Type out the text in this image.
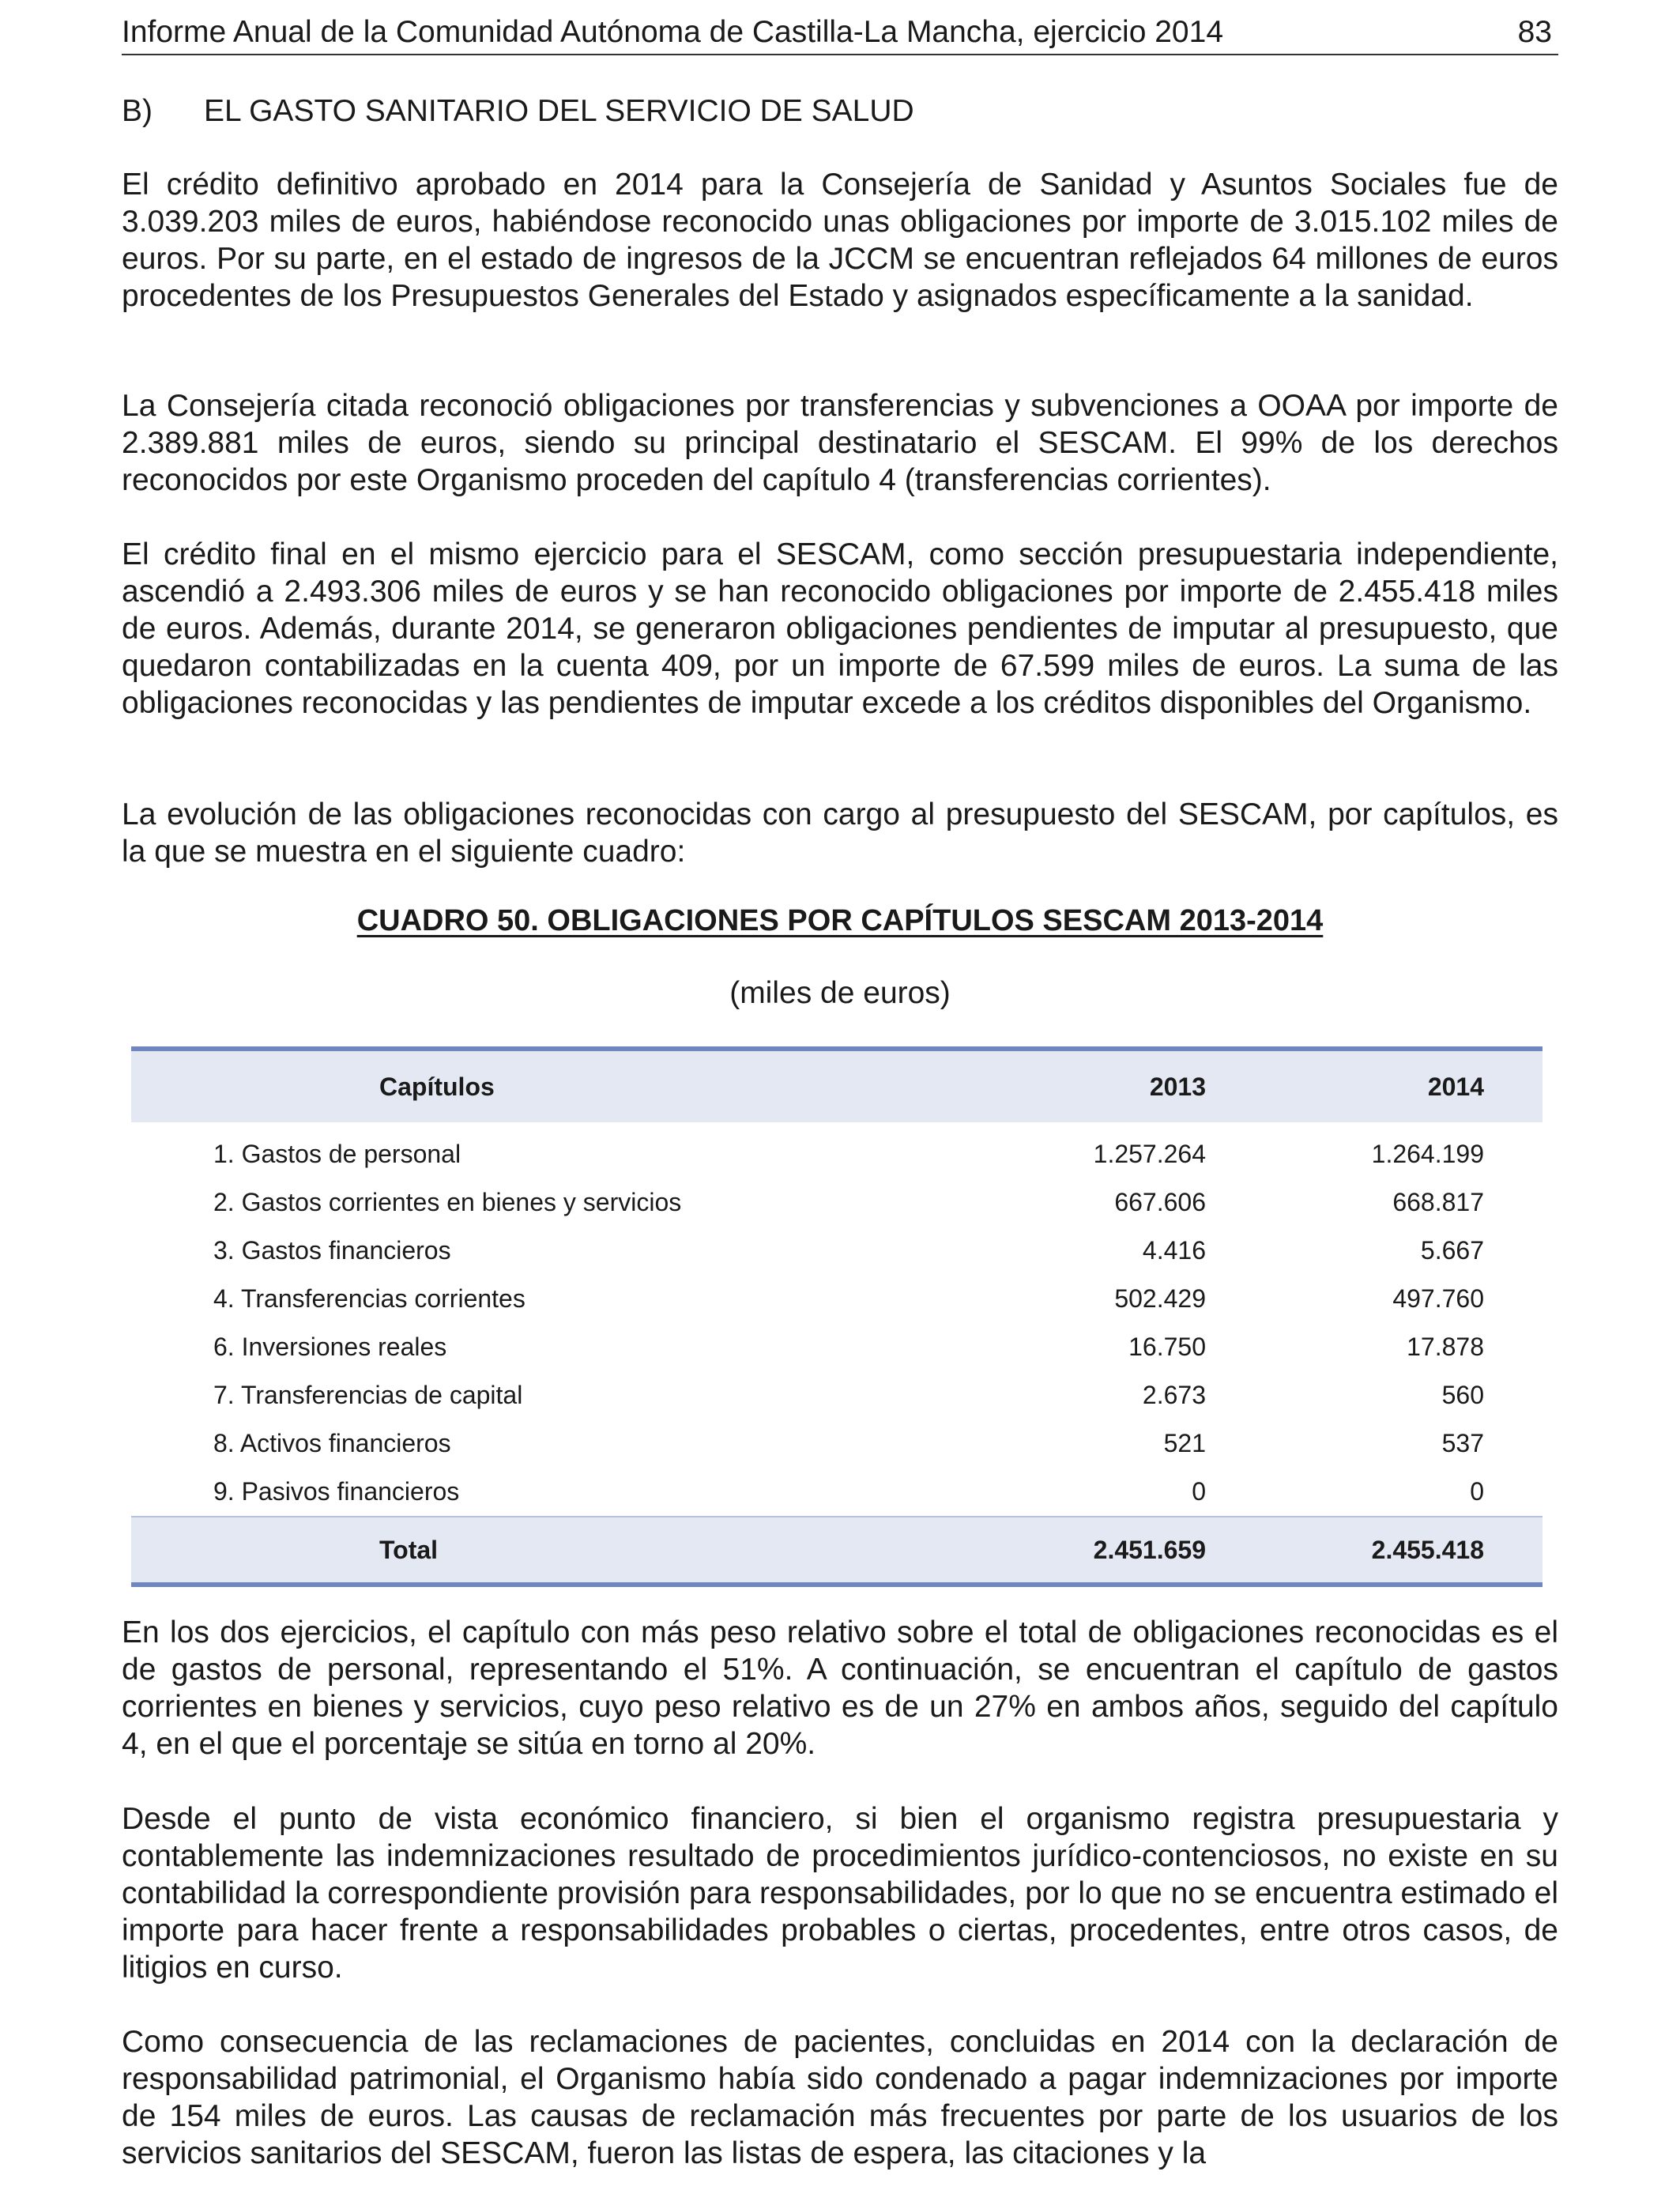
Informe Anual de la Comunidad Autónoma de Castilla-La Mancha, ejercicio 2014	83
B) EL GASTO SANITARIO DEL SERVICIO DE SALUD

El crédito definitivo aprobado en 2014 para la Consejería de Sanidad y Asuntos Sociales fue de 3.039.203 miles de euros, habiéndose reconocido unas obligaciones por importe de 3.015.102 miles de euros. Por su parte, en el estado de ingresos de la JCCM se encuentran reflejados 64 millones de euros procedentes de los Presupuestos Generales del Estado y asignados específicamente a la sanidad.

La Consejería citada reconoció obligaciones por transferencias y subvenciones a OOAA por importe de 2.389.881 miles de euros, siendo su principal destinatario el SESCAM. El 99% de los derechos reconocidos por este Organismo proceden del capítulo 4 (transferencias corrientes).

El crédito final en el mismo ejercicio para el SESCAM, como sección presupuestaria independiente, ascendió a 2.493.306 miles de euros y se han reconocido obligaciones por importe de 2.455.418 miles de euros. Además, durante 2014, se generaron obligaciones pendientes de imputar al presupuesto, que quedaron contabilizadas en la cuenta 409, por un importe de 67.599 miles de euros. La suma de las obligaciones reconocidas y las pendientes de imputar excede a los créditos disponibles del Organismo.

La evolución de las obligaciones reconocidas con cargo al presupuesto del SESCAM, por capítulos, es la que se muestra en el siguiente cuadro:

CUADRO 50. OBLIGACIONES POR CAPÍTULOS SESCAM 2013-2014
(miles de euros)
Capítulos	2013	2014
1. Gastos de personal	1.257.264	1.264.199
2. Gastos corrientes en bienes y servicios	667.606	668.817
3. Gastos financieros	4.416	5.667
4. Transferencias corrientes	502.429	497.760
6. Inversiones reales	16.750	17.878
7. Transferencias de capital	2.673	560
8. Activos financieros	521	537
9. Pasivos financieros	0	0
Total	2.451.659	2.455.418

En los dos ejercicios, el capítulo con más peso relativo sobre el total de obligaciones reconocidas es el de gastos de personal, representando el 51%. A continuación, se encuentran el capítulo de gastos corrientes en bienes y servicios, cuyo peso relativo es de un 27% en ambos años, seguido del capítulo 4, en el que el porcentaje se sitúa en torno al 20%.

Desde el punto de vista económico financiero, si bien el organismo registra presupuestaria y contablemente las indemnizaciones resultado de procedimientos jurídico-contenciosos, no existe en su contabilidad la correspondiente provisión para responsabilidades, por lo que no se encuentra estimado el importe para hacer frente a responsabilidades probables o ciertas, procedentes, entre otros casos, de litigios en curso.

Como consecuencia de las reclamaciones de pacientes, concluidas en 2014 con la declaración de responsabilidad patrimonial, el Organismo había sido condenado a pagar indemnizaciones por importe de 154 miles de euros. Las causas de reclamación más frecuentes por parte de los usuarios de los servicios sanitarios del SESCAM, fueron las listas de espera, las citaciones y la
